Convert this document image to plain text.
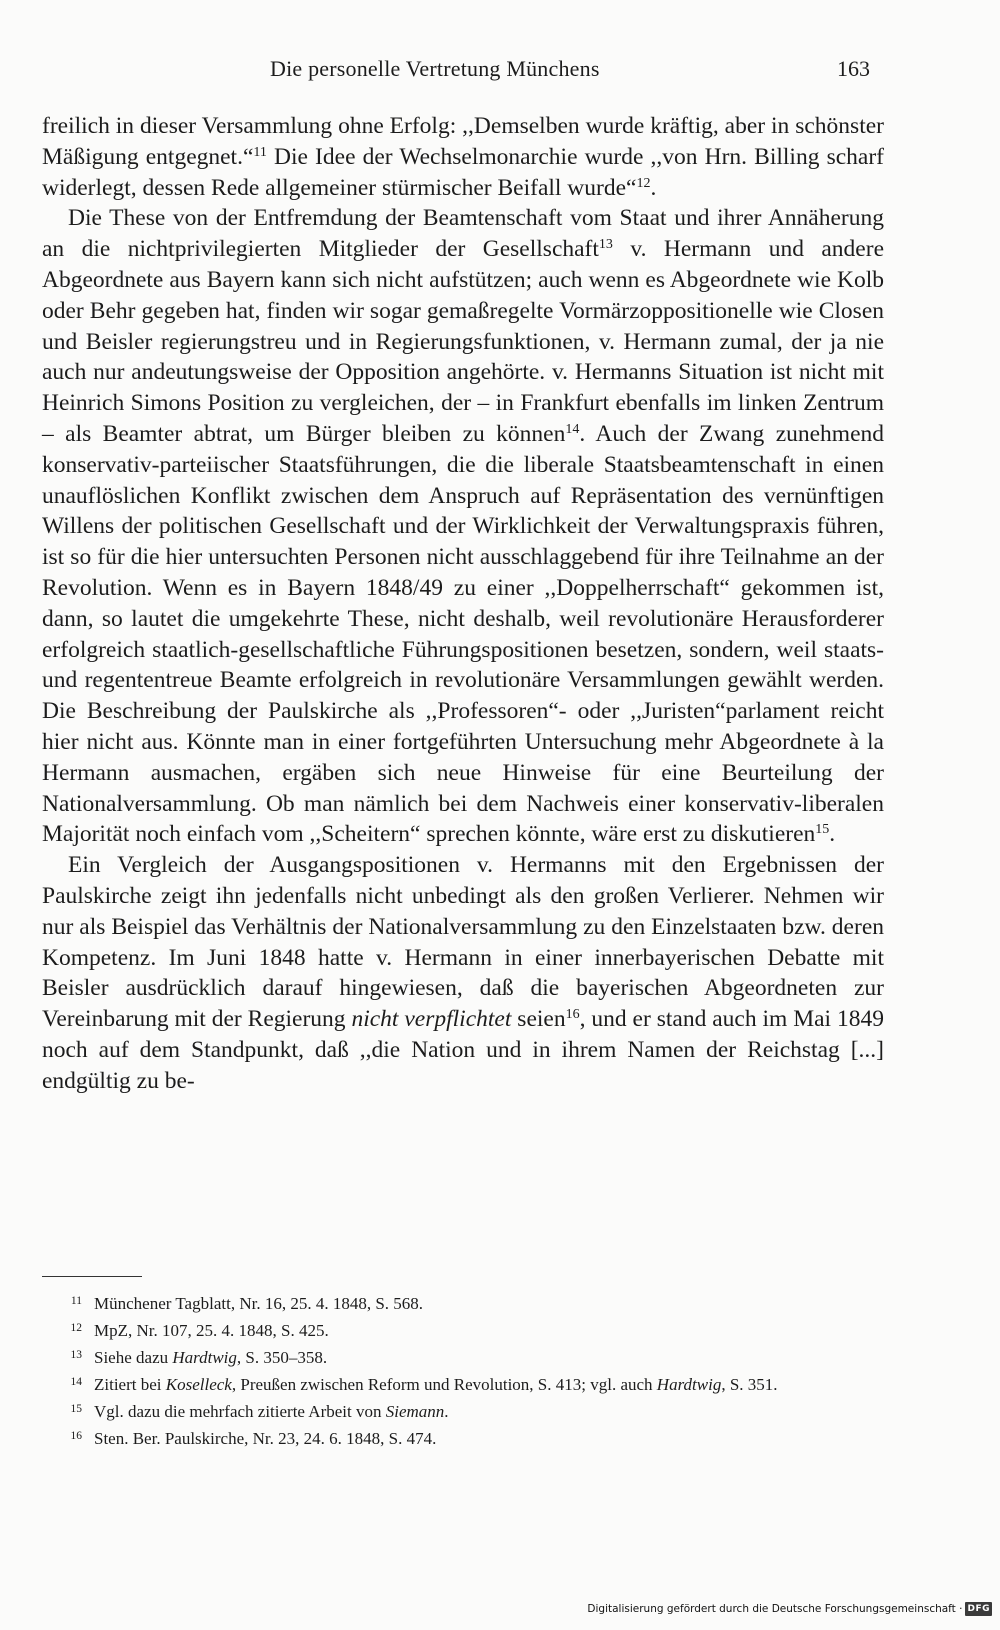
Die personelle Vertretung Münchens	163

freilich in dieser Versammlung ohne Erfolg: ,,Demselben wurde kräftig, aber in schönster Mäßigung entgegnet.“$^{11}$ Die Idee der Wechselmonarchie wurde ,,von Hrn. Billing scharf widerlegt, dessen Rede allgemeiner stürmischer Beifall wurde“$^{12}$.

Die These von der Entfremdung der Beamtenschaft vom Staat und ihrer Annäherung an die nichtprivilegierten Mitglieder der Gesellschaft$^{13}$ v. Hermann und andere Abgeordnete aus Bayern kann sich nicht aufstützen; auch wenn es Abgeordnete wie Kolb oder Behr gegeben hat, finden wir sogar gemaßregelte Vormärzoppositionelle wie Closen und Beisler regierungstreu und in Regierungsfunktionen, v. Hermann zumal, der ja nie auch nur andeutungsweise der Opposition angehörte. v. Hermanns Situation ist nicht mit Heinrich Simons Position zu vergleichen, der – in Frankfurt ebenfalls im linken Zentrum – als Beamter abtrat, um Bürger bleiben zu können$^{14}$. Auch der Zwang zunehmend konservativ-parteiischer Staatsführungen, die die liberale Staatsbeamtenschaft in einen unauflöslichen Konflikt zwischen dem Anspruch auf Repräsentation des vernünftigen Willens der politischen Gesellschaft und der Wirklichkeit der Verwaltungspraxis führen, ist so für die hier untersuchten Personen nicht ausschlaggebend für ihre Teilnahme an der Revolution. Wenn es in Bayern 1848/49 zu einer ,,Doppelherrschaft“ gekommen ist, dann, so lautet die umgekehrte These, nicht deshalb, weil revolutionäre Herausforderer erfolgreich staatlich-gesellschaftliche Führungspositionen besetzen, sondern, weil staats- und regententreue Beamte erfolgreich in revolutionäre Versammlungen gewählt werden. Die Beschreibung der Paulskirche als ,,Professoren“- oder ,,Juristen“parlament reicht hier nicht aus. Könnte man in einer fortgeführten Untersuchung mehr Abgeordnete à la Hermann ausmachen, ergäben sich neue Hinweise für eine Beurteilung der Nationalversammlung. Ob man nämlich bei dem Nachweis einer konservativ-liberalen Majorität noch einfach vom ,,Scheitern“ sprechen könnte, wäre erst zu diskutieren$^{15}$.

Ein Vergleich der Ausgangspositionen v. Hermanns mit den Ergebnissen der Paulskirche zeigt ihn jedenfalls nicht unbedingt als den großen Verlierer. Nehmen wir nur als Beispiel das Verhältnis der Nationalversammlung zu den Einzelstaaten bzw. deren Kompetenz. Im Juni 1848 hatte v. Hermann in einer innerbayerischen Debatte mit Beisler ausdrücklich darauf hingewiesen, daß die bayerischen Abgeordneten zur Vereinbarung mit der Regierung nicht verpflichtet seien$^{16}$, und er stand auch im Mai 1849 noch auf dem Standpunkt, daß ,,die Nation und in ihrem Namen der Reichstag [...] endgültig zu be-

$^{11}$ Münchener Tagblatt, Nr. 16, 25. 4. 1848, S. 568.
$^{12}$ MpZ, Nr. 107, 25. 4. 1848, S. 425.
$^{13}$ Siehe dazu Hardtwig, S. 350–358.
$^{14}$ Zitiert bei Koselleck, Preußen zwischen Reform und Revolution, S. 413; vgl. auch Hardtwig, S. 351.
$^{15}$ Vgl. dazu die mehrfach zitierte Arbeit von Siemann.
$^{16}$ Sten. Ber. Paulskirche, Nr. 23, 24. 6. 1848, S. 474.
Digitalisierung gefördert durch die Deutsche Forschungsgemeinschaft · DFG
